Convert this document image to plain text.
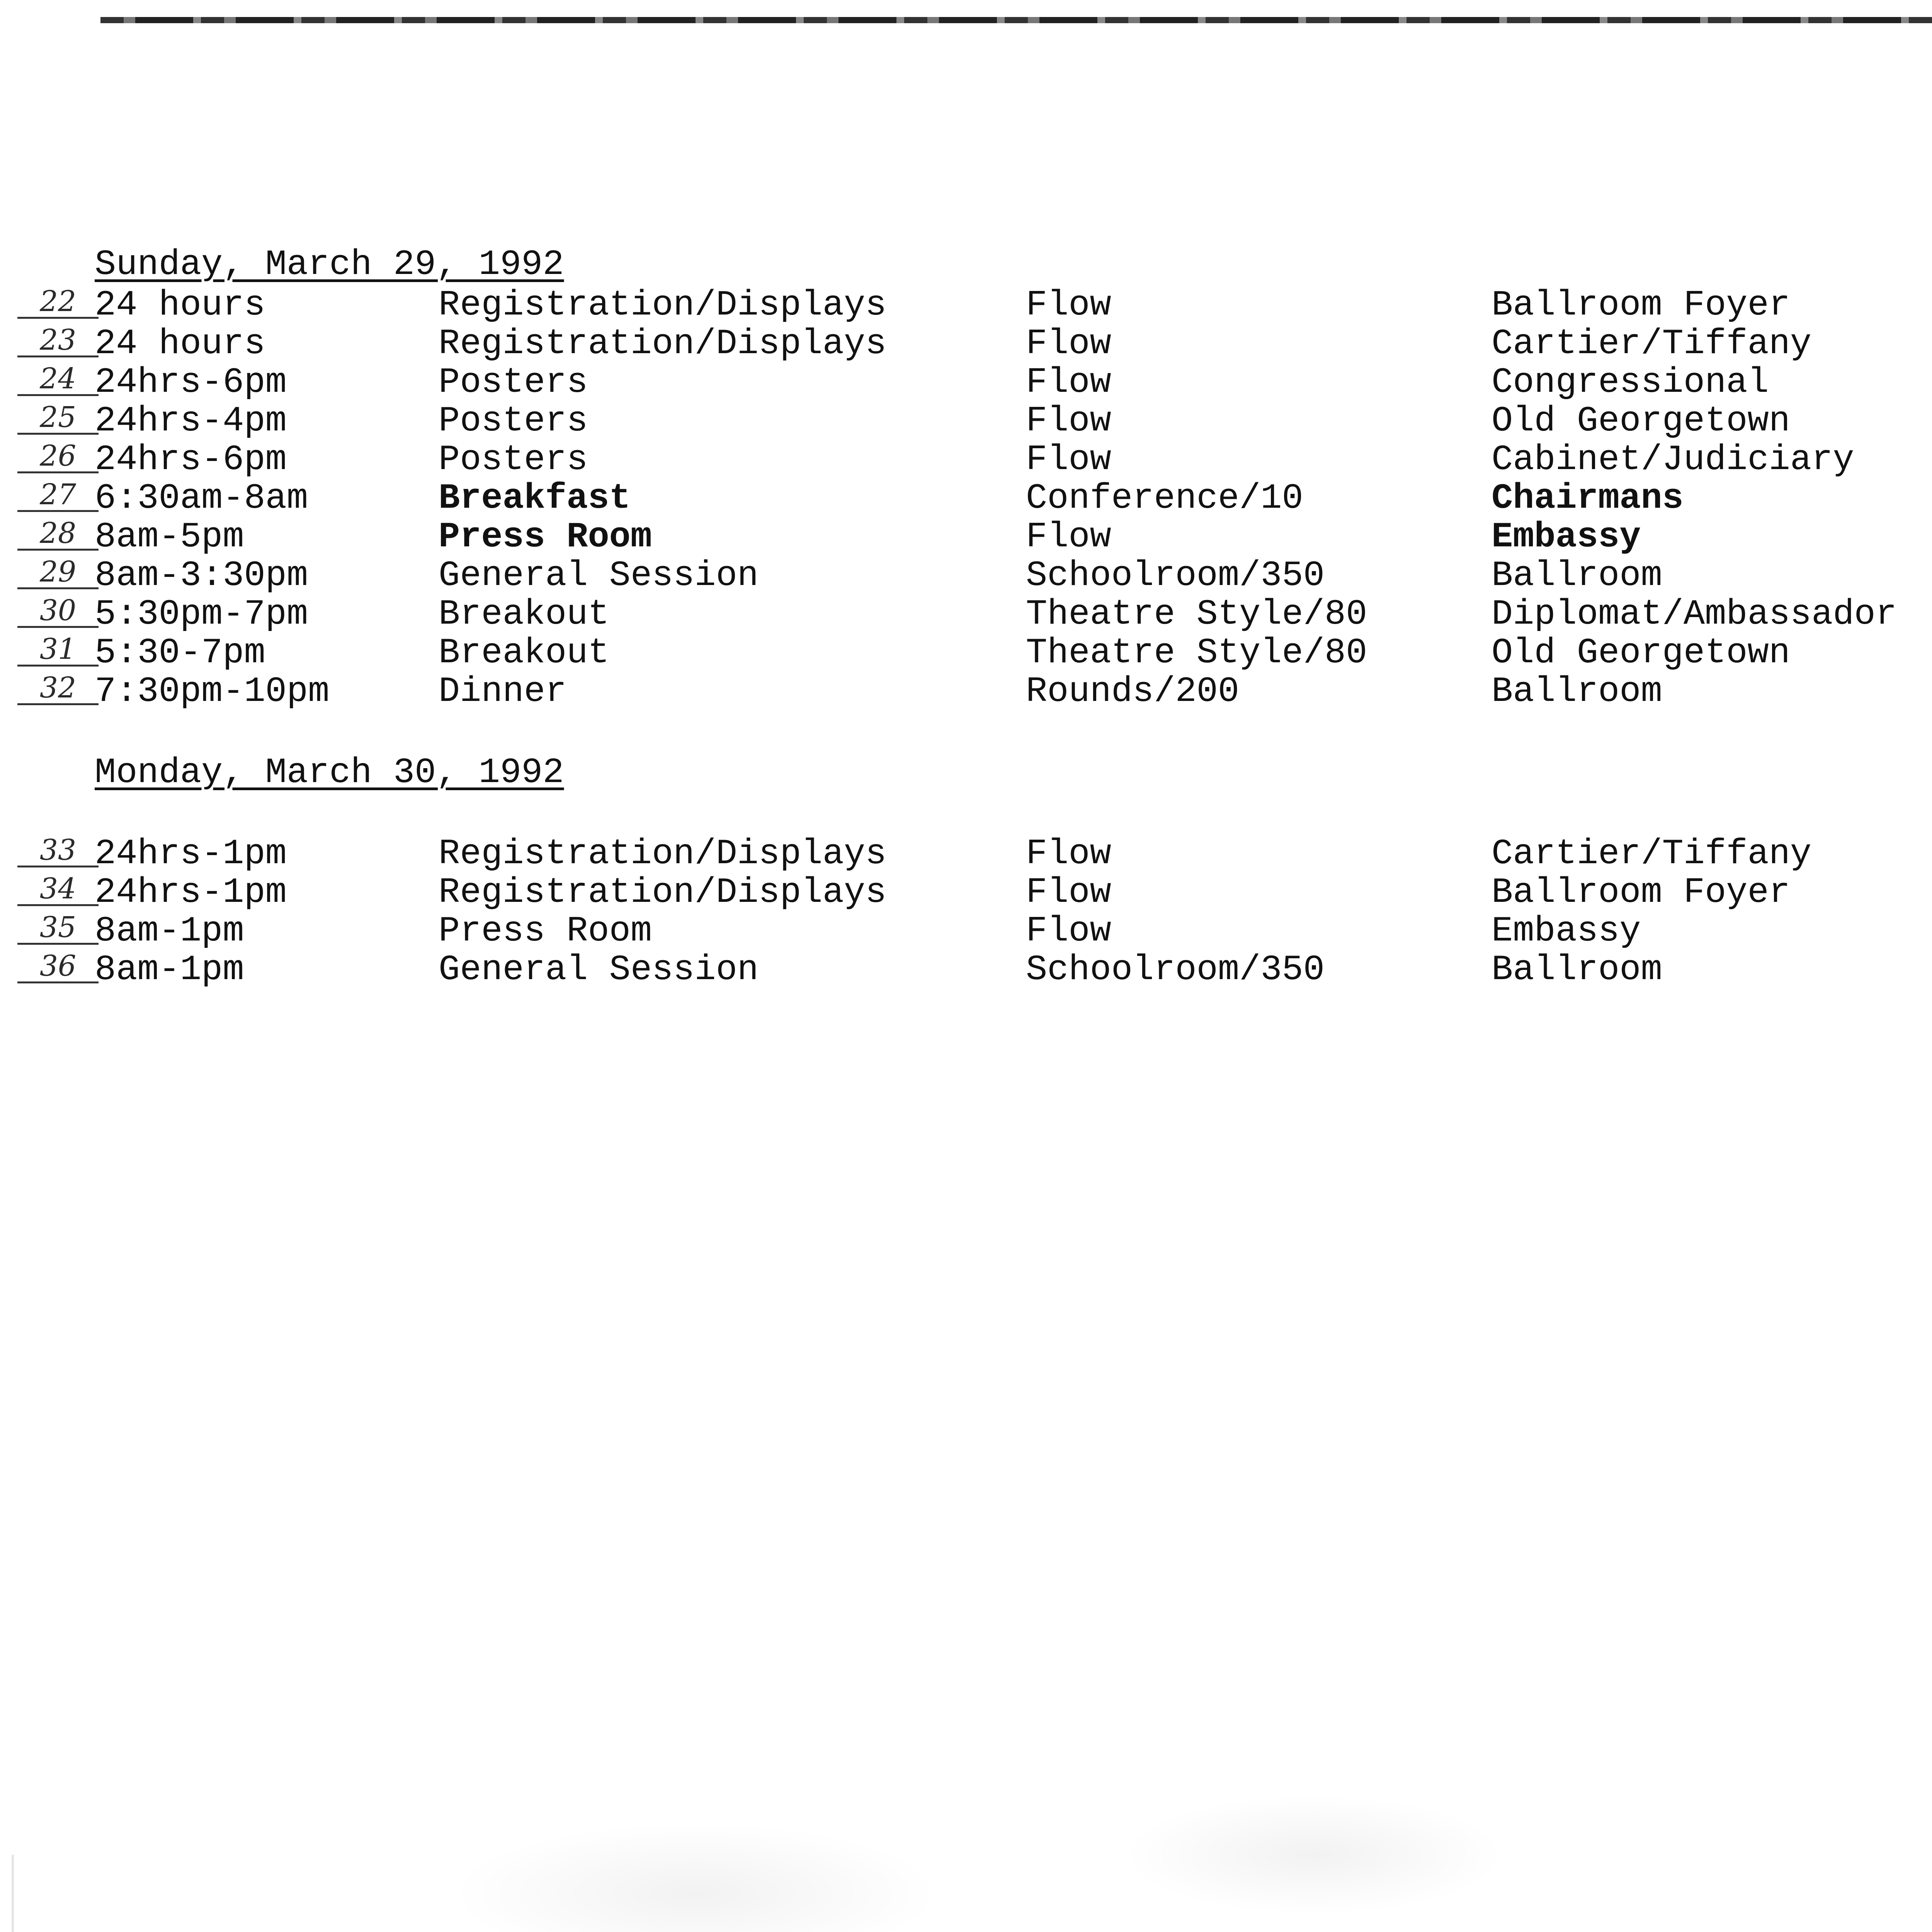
Sunday, March 29, 1992
22 24 hours	Registration/Displays	Flow	Ballroom Foyer
23 24 hours	Registration/Displays	Flow	Cartier/Tiffany
24 24hrs-6pm	Posters	Flow	Congressional
25 24hrs-4pm	Posters	Flow	Old Georgetown
26 24hrs-6pm	Posters	Flow	Cabinet/Judiciary
27 6:30am-8am	Breakfast	Conference/10	Chairmans
28 8am-5pm	Press Room	Flow	Embassy
29 8am-3:30pm	General Session	Schoolroom/350	Ballroom
30 5:30pm-7pm	Breakout	Theatre Style/80	Diplomat/Ambassador
31 5:30-7pm	Breakout	Theatre Style/80	Old Georgetown
32 7:30pm-10pm	Dinner	Rounds/200	Ballroom
Monday, March 30, 1992
33 24hrs-1pm	Registration/Displays	Flow	Cartier/Tiffany
34 24hrs-1pm	Registration/Displays	Flow	Ballroom Foyer
35 8am-1pm	Press Room	Flow	Embassy
36 8am-1pm	General Session	Schoolroom/350	Ballroom
